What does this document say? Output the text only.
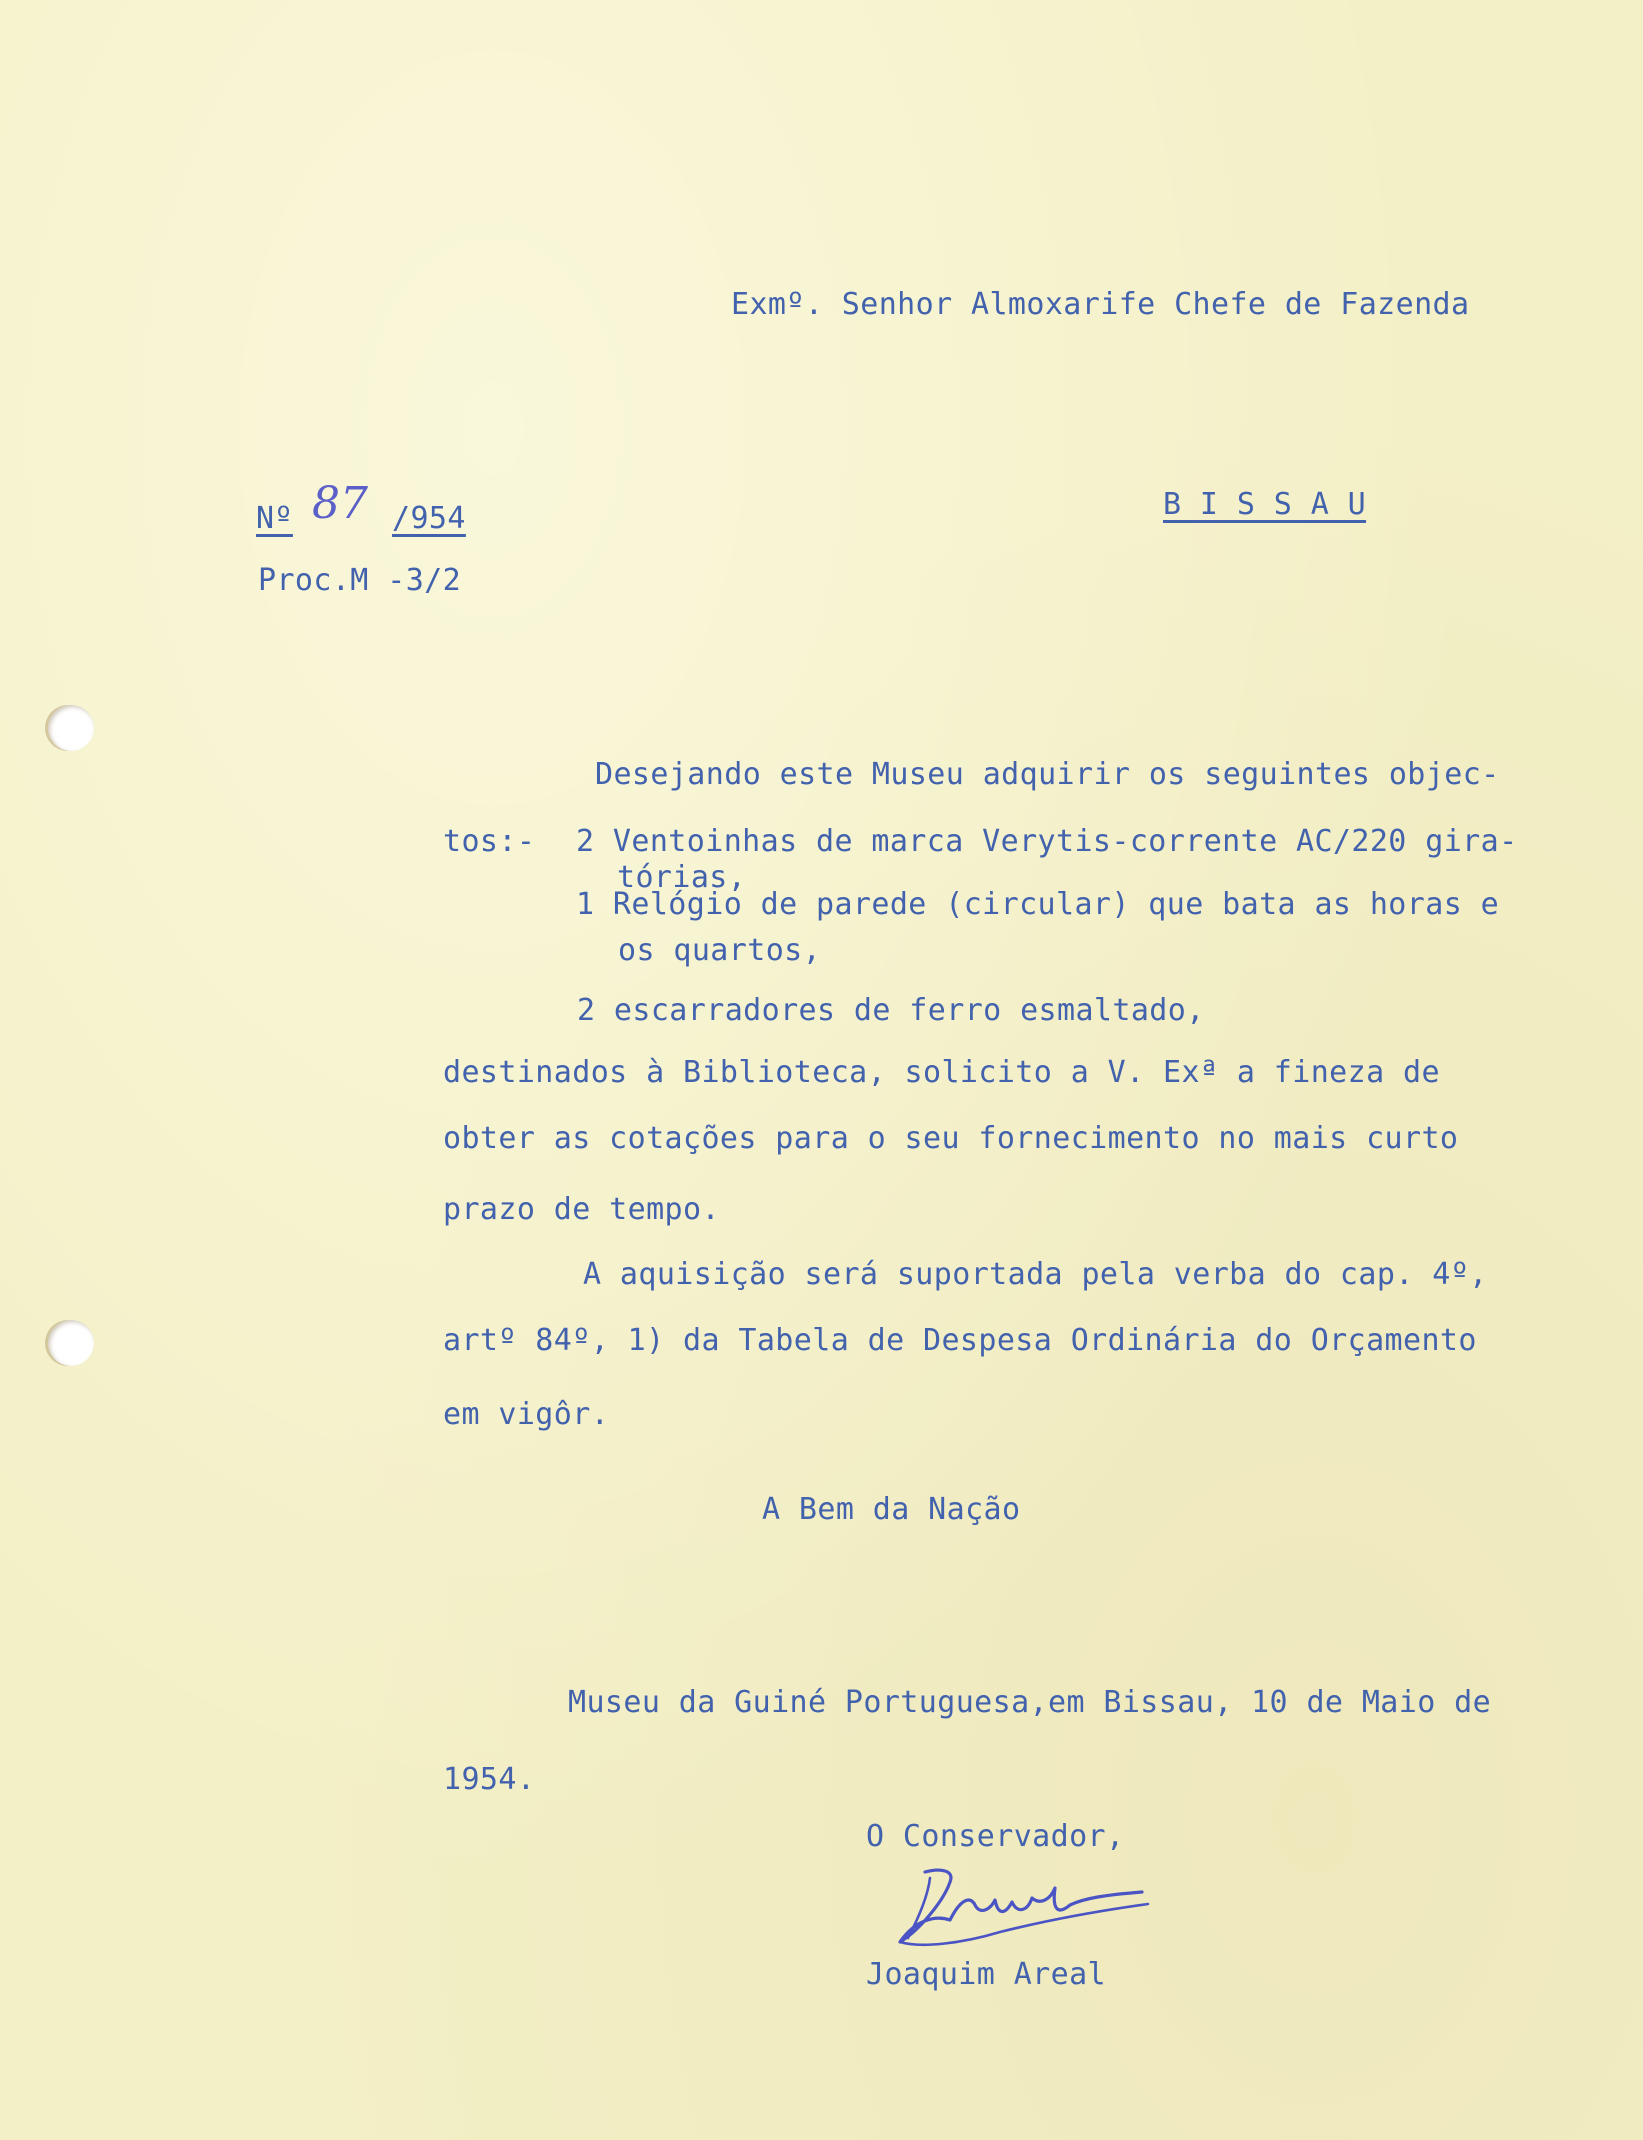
Exmº. Senhor Almoxarife Chefe de Fazenda
Nº 87 /954
Proc.M -3/2
B I S S A U
Desejando este Museu adquirir os seguintes objec-
tos:- 2 Ventoinhas de marca Verytis-corrente AC/220 gira-
tórias,
1 Relógio de parede (circular) que bata as horas e
os quartos,
2 escarradores de ferro esmaltado,
destinados à Biblioteca, solicito a V. Exª a fineza de
obter as cotações para o seu fornecimento no mais curto
prazo de tempo.
A aquisição será suportada pela verba do cap. 4º,
artº 84º, 1) da Tabela de Despesa Ordinária do Orçamento
em vigôr.
A Bem da Nação
Museu da Guiné Portuguesa,em Bissau, 10 de Maio de
1954.
O Conservador,
Joaquim Areal
